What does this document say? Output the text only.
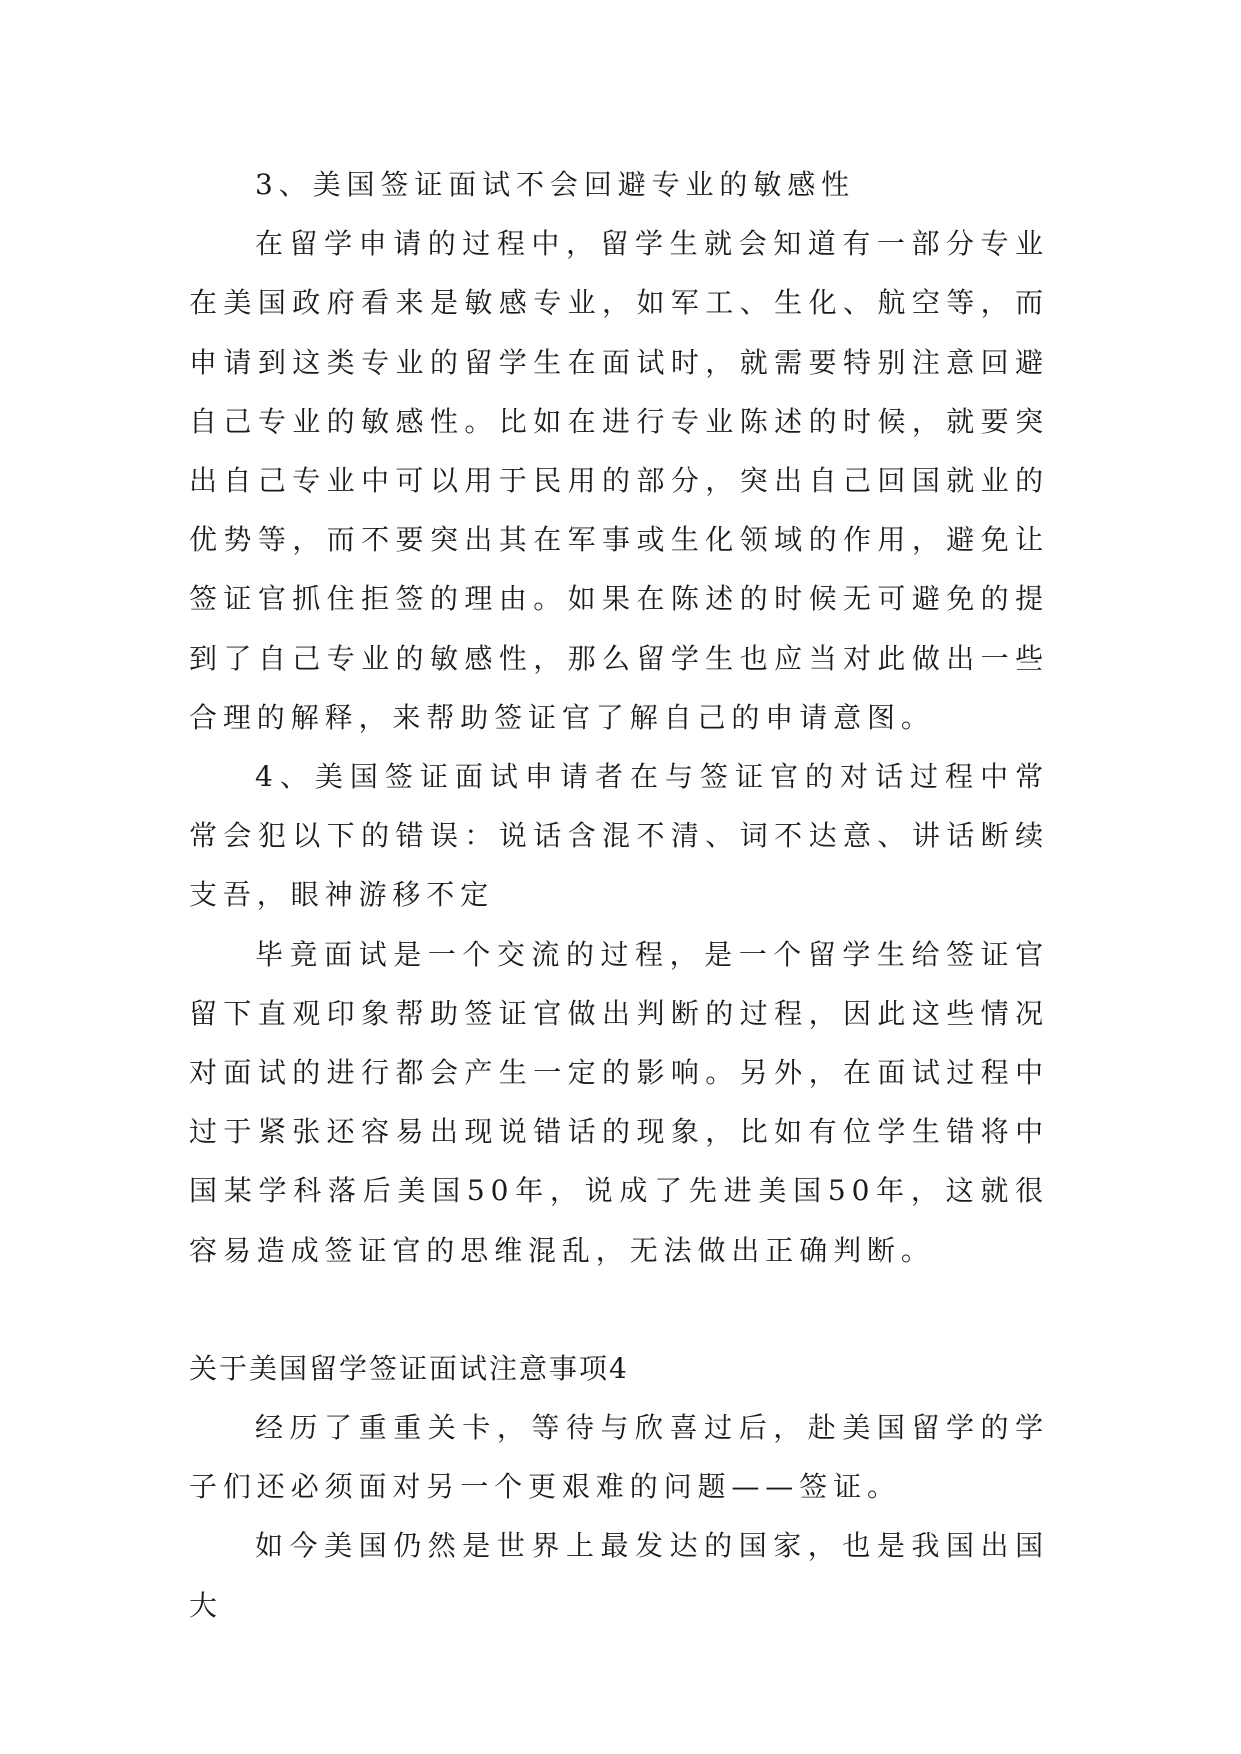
3、美国签证面试不会回避专业的敏感性

在留学申请的过程中，留学生就会知道有一部分专业在美国政府看来是敏感专业，如军工、生化、航空等，而申请到这类专业的留学生在面试时，就需要特别注意回避自己专业的敏感性。比如在进行专业陈述的时候，就要突出自己专业中可以用于民用的部分，突出自己回国就业的优势等，而不要突出其在军事或生化领域的作用，避免让签证官抓住拒签的理由。如果在陈述的时候无可避免的提到了自己专业的敏感性，那么留学生也应当对此做出一些合理的解释，来帮助签证官了解自己的申请意图。

4、美国签证面试申请者在与签证官的对话过程中常常会犯以下的错误：说话含混不清、词不达意、讲话断续支吾，眼神游移不定

毕竟面试是一个交流的过程，是一个留学生给签证官留下直观印象帮助签证官做出判断的过程，因此这些情况对面试的进行都会产生一定的影响。另外，在面试过程中过于紧张还容易出现说错话的现象，比如有位学生错将中国某学科落后美国50年，说成了先进美国50年，这就很容易造成签证官的思维混乱，无法做出正确判断。

关于美国留学签证面试注意事项4

经历了重重关卡，等待与欣喜过后，赴美国留学的学子们还必须面对另一个更艰难的问题——签证。

如今美国仍然是世界上最发达的国家，也是我国出国大
